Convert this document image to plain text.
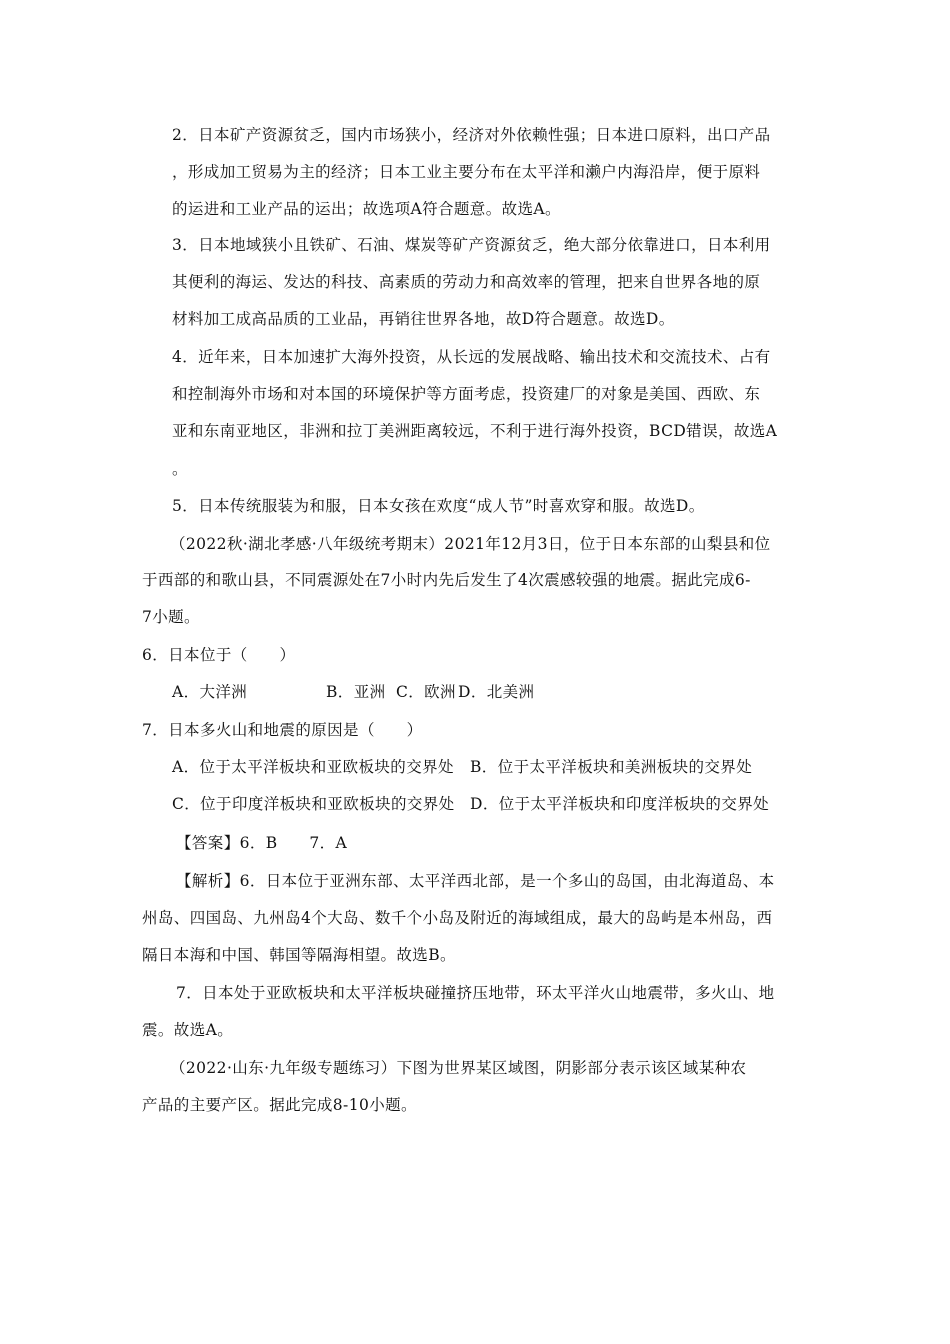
2．日本矿产资源贫乏，国内市场狭小，经济对外依赖性强；日本进口原料，出口产品
，形成加工贸易为主的经济；日本工业主要分布在太平洋和濑户内海沿岸，便于原料
的运进和工业产品的运出；故选项A符合题意。故选A。
3．日本地域狭小且铁矿、石油、煤炭等矿产资源贫乏，绝大部分依靠进口，日本利用
其便利的海运、发达的科技、高素质的劳动力和高效率的管理，把来自世界各地的原
材料加工成高品质的工业品，再销往世界各地，故D符合题意。故选D。
4．近年来，日本加速扩大海外投资，从长远的发展战略、输出技术和交流技术、占有
和控制海外市场和对本国的环境保护等方面考虑，投资建厂的对象是美国、西欧、东
亚和东南亚地区，非洲和拉丁美洲距离较远，不利于进行海外投资，BCD错误，故选A
。
5．日本传统服装为和服，日本女孩在欢度“成人节”时喜欢穿和服。故选D。
（2022秋·湖北孝感·八年级统考期末）2021年12月3日，位于日本东部的山梨县和位
于西部的和歌山县，不同震源处在7小时内先后发生了4次震感较强的地震。据此完成6-
7小题。
6．日本位于（　　）
A．大洋洲	B．亚洲 C．欧洲 D．北美洲
7．日本多火山和地震的原因是（　　）
A．位于太平洋板块和亚欧板块的交界处 B．位于太平洋板块和美洲板块的交界处
C．位于印度洋板块和亚欧板块的交界处 D．位于太平洋板块和印度洋板块的交界处
【答案】6．B　　7．A
【解析】6．日本位于亚洲东部、太平洋西北部，是一个多山的岛国，由北海道岛、本
州岛、四国岛、九州岛4个大岛、数千个小岛及附近的海域组成，最大的岛屿是本州岛，西
隔日本海和中国、韩国等隔海相望。故选B。
7．日本处于亚欧板块和太平洋板块碰撞挤压地带，环太平洋火山地震带，多火山、地
震。故选A。
（2022·山东·九年级专题练习）下图为世界某区域图，阴影部分表示该区域某种农
产品的主要产区。据此完成8-10小题。
